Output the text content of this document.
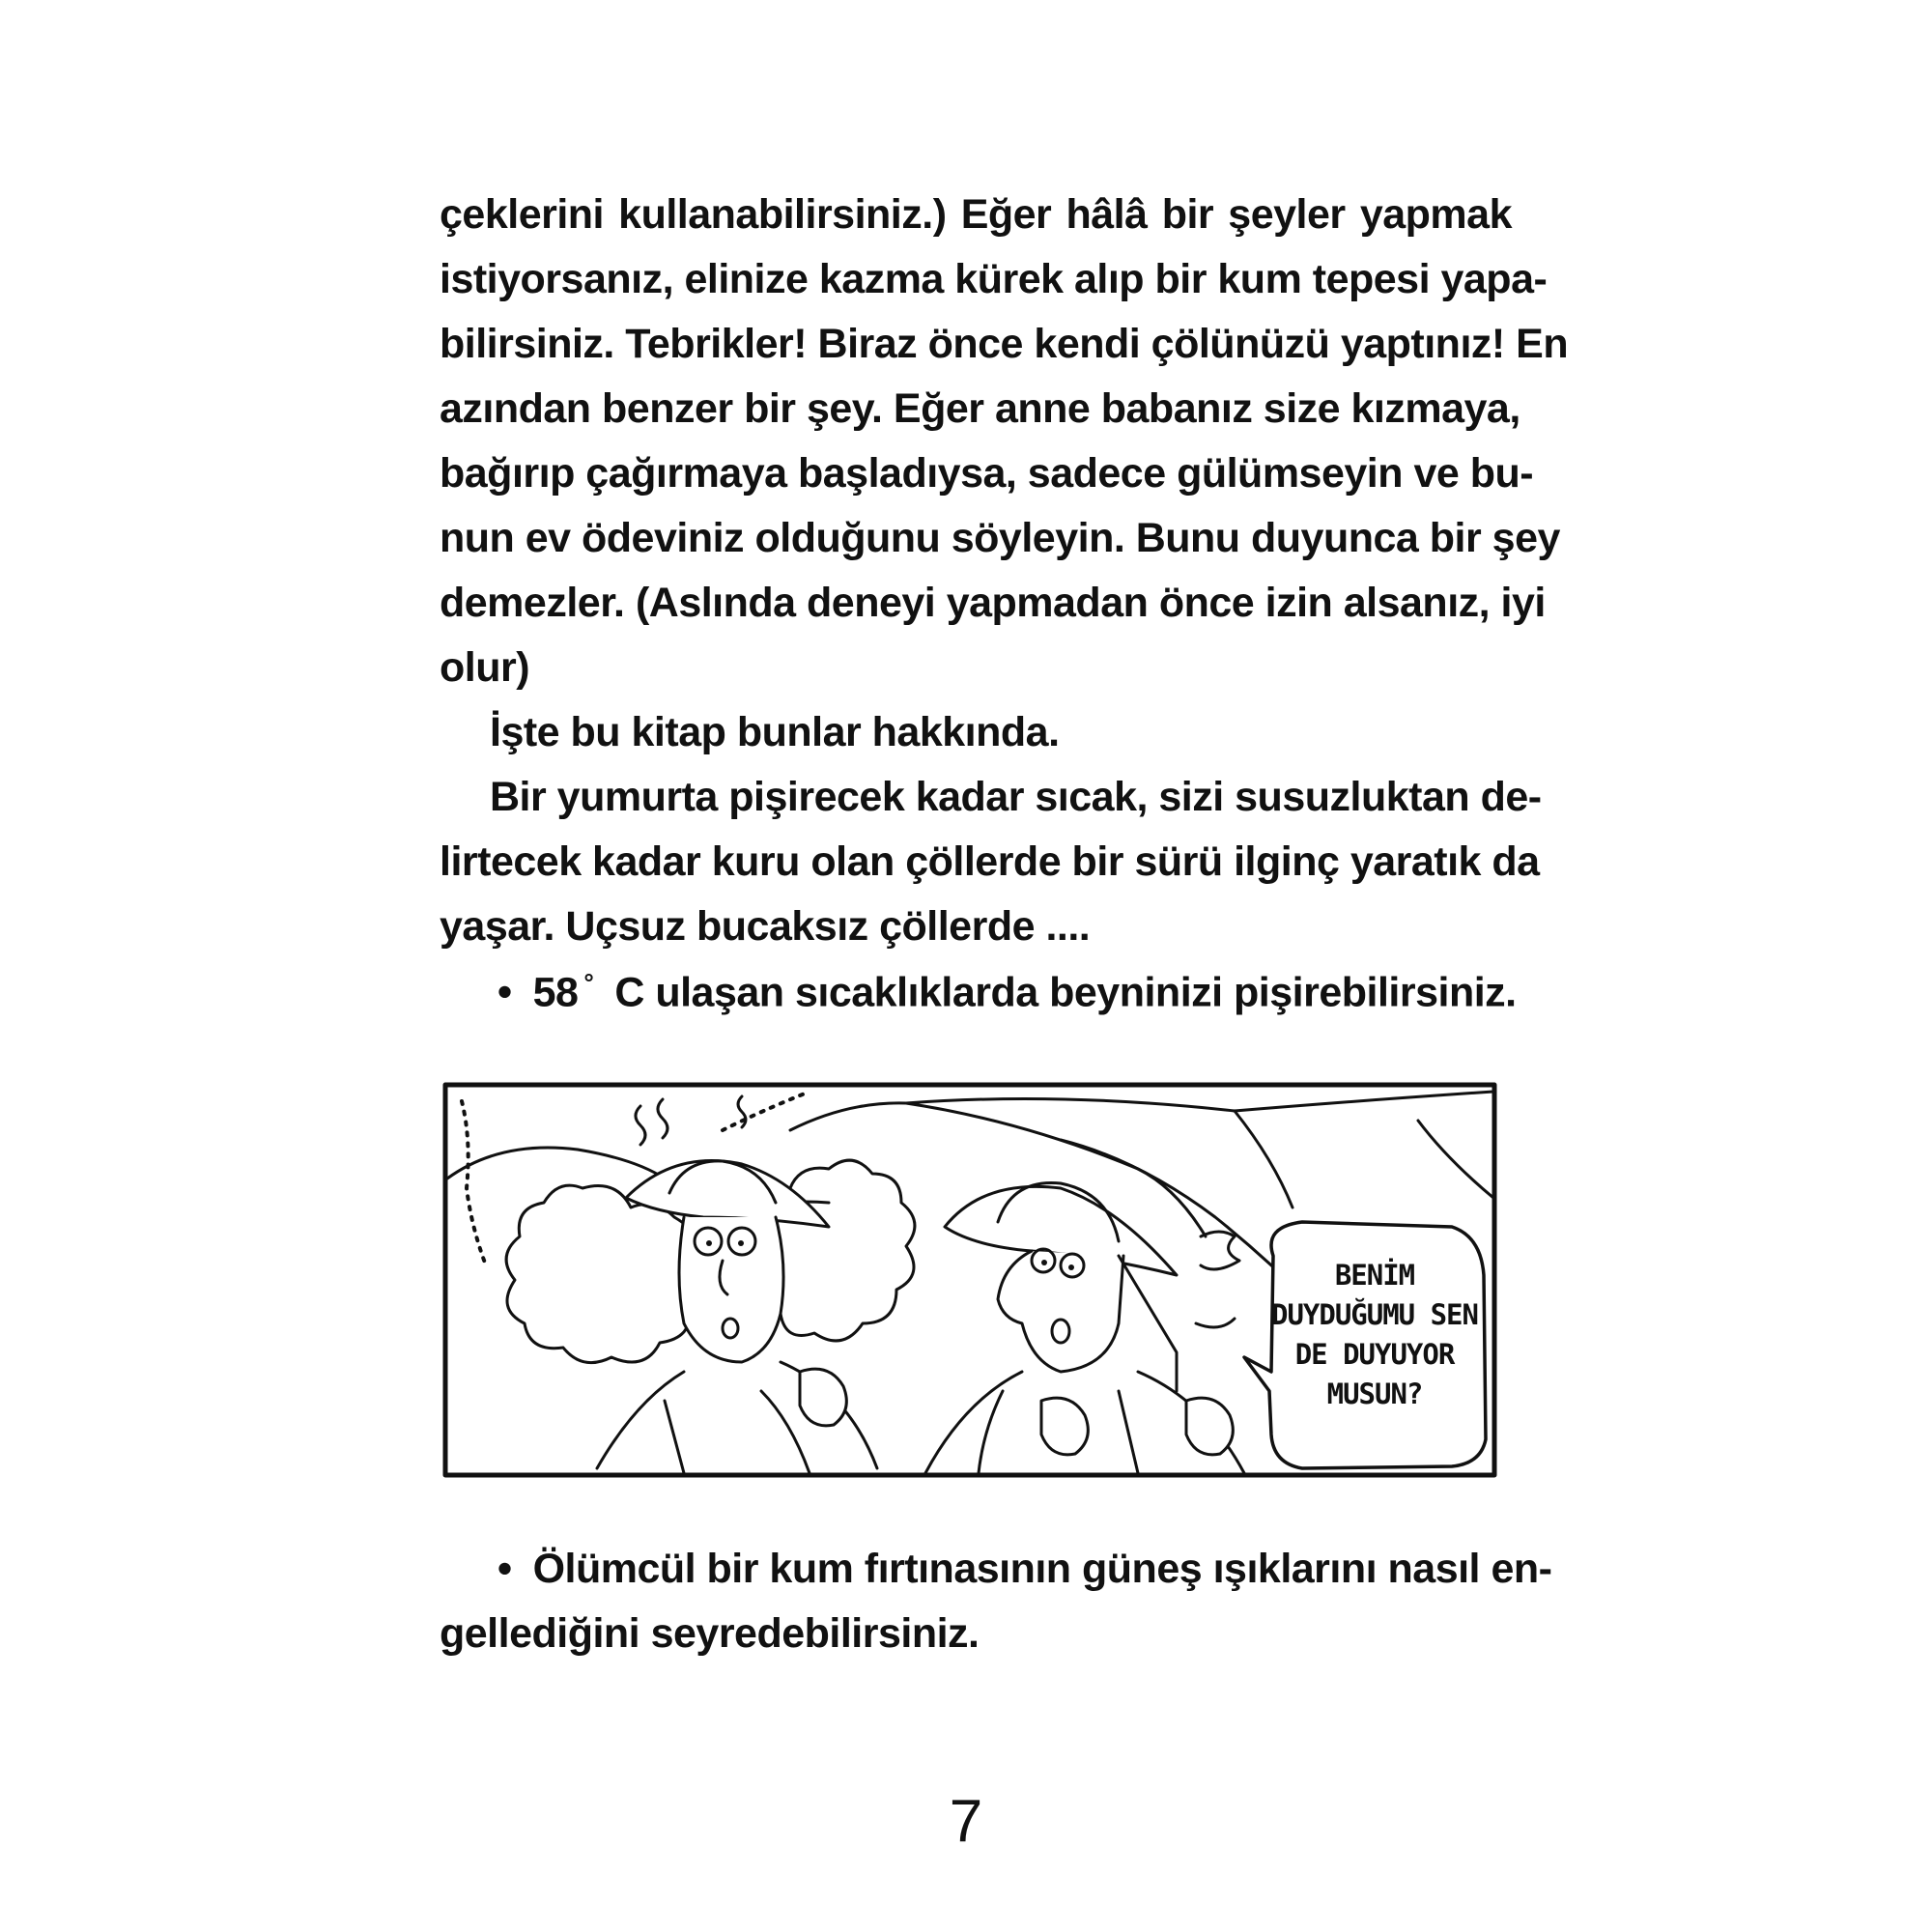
çeklerini kullanabilirsiniz.) Eğer hâlâ bir şeyler yapmak
istiyorsanız, elinize kazma kürek alıp bir kum tepesi yapa-
bilirsiniz. Tebrikler! Biraz önce kendi çölünüzü yaptınız! En
azından benzer bir şey. Eğer anne babanız size kızmaya,
bağırıp çağırmaya başladıysa, sadece gülümseyin ve bu-
nun ev ödeviniz olduğunu söyleyin. Bunu duyunca bir şey
demezler. (Aslında deneyi yapmadan önce izin alsanız, iyi
olur)
İşte bu kitap bunlar hakkında.
Bir yumurta pişirecek kadar sıcak, sizi susuzluktan de-
lirtecek kadar kuru olan çöllerde bir sürü ilginç yaratık da
yaşar. Uçsuz bucaksız çöllerde ....
• 58 ° C ulaşan sıcaklıklarda beyninizi pişirebilirsiniz.
• Ölümcül bir kum fırtınasının güneş ışıklarını nasıl en-
gellediğini seyredebilirsiniz.
BENİM
DUYDUĞUMU SEN
DE DUYUYOR
MUSUN?
7
